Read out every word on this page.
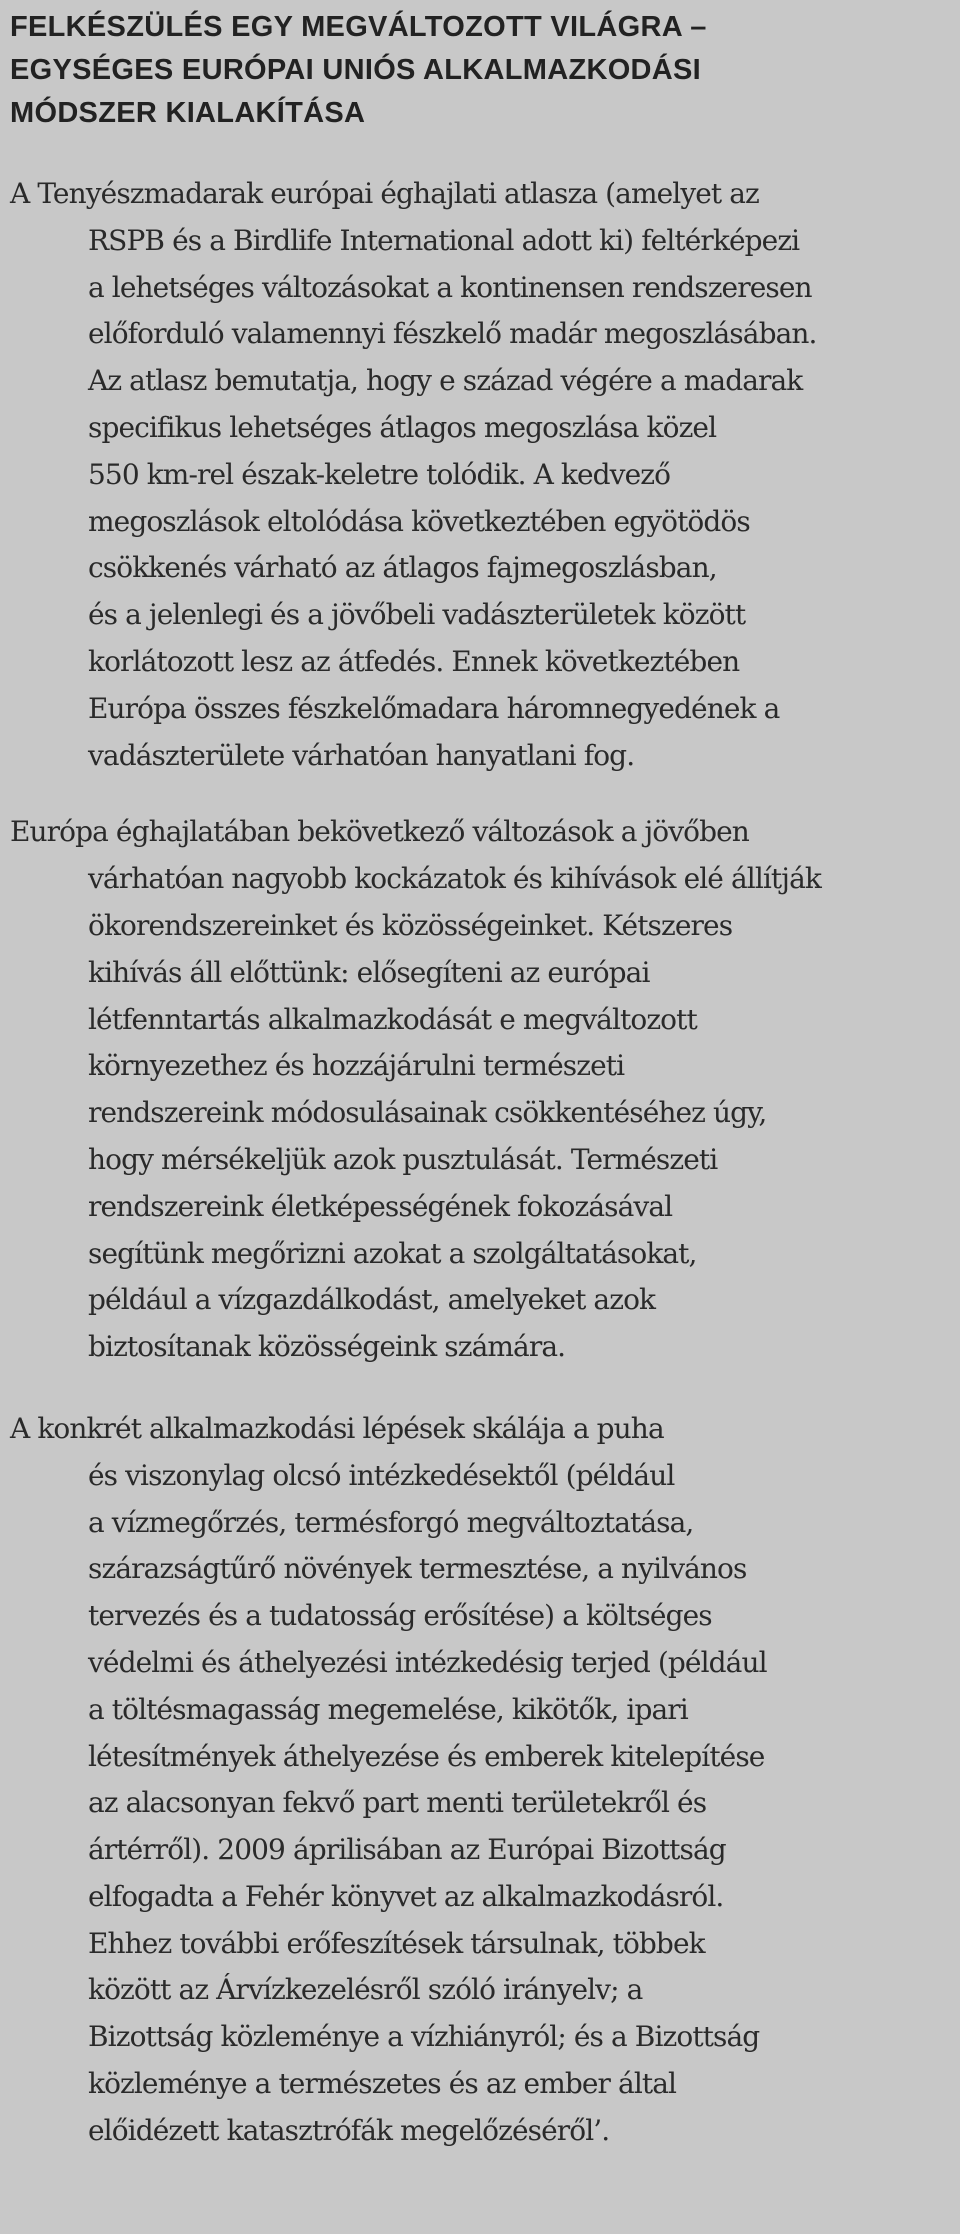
FELKÉSZÜLÉS EGY MEGVÁLTOZOTT VILÁGRA –
EGYSÉGES EURÓPAI UNIÓS ALKALMAZKODÁSI
MÓDSZER KIALAKÍTÁSA

A Tenyészmadarak európai éghajlati atlasza (amelyet az
RSPB és a Birdlife International adott ki) feltérképezi
a lehetséges változásokat a kontinensen rendszeresen
előforduló valamennyi fészkelő madár megoszlásában.
Az atlasz bemutatja, hogy e század végére a madarak
specifikus lehetséges átlagos megoszlása közel
550 km-rel észak-keletre tolódik. A kedvező
megoszlások eltolódása következtében egyötödös
csökkenés várható az átlagos fajmegoszlásban,
és a jelenlegi és a jövőbeli vadászterületek között
korlátozott lesz az átfedés. Ennek következtében
Európa összes fészkelőmadara háromnegyedének a
vadászterülete várhatóan hanyatlani fog.

Európa éghajlatában bekövetkező változások a jövőben
várhatóan nagyobb kockázatok és kihívások elé állítják
ökorendszereinket és közösségeinket. Kétszeres
kihívás áll előttünk: elősegíteni az európai
létfenntartás alkalmazkodását e megváltozott
környezethez és hozzájárulni természeti
rendszereink módosulásainak csökkentéséhez úgy,
hogy mérsékeljük azok pusztulását. Természeti
rendszereink életképességének fokozásával
segítünk megőrizni azokat a szolgáltatásokat,
például a vízgazdálkodást, amelyeket azok
biztosítanak közösségeink számára.

A konkrét alkalmazkodási lépések skálája a puha
és viszonylag olcsó intézkedésektől (például
a vízmegőrzés, termésforgó megváltoztatása,
szárazságtűrő növények termesztése, a nyilvános
tervezés és a tudatosság erősítése) a költséges
védelmi és áthelyezési intézkedésig terjed (például
a töltésmagasság megemelése, kikötők, ipari
létesítmények áthelyezése és emberek kitelepítése
az alacsonyan fekvő part menti területekről és
ártérről). 2009 áprilisában az Európai Bizottság
elfogadta a Fehér könyvet az alkalmazkodásról.
Ehhez további erőfeszítések társulnak, többek
között az Árvízkezelésről szóló irányelv; a
Bizottság közleménye a vízhiányról; és a Bizottság
közleménye a természetes és az ember által
előidézett katasztrófák megelőzéséről’.
